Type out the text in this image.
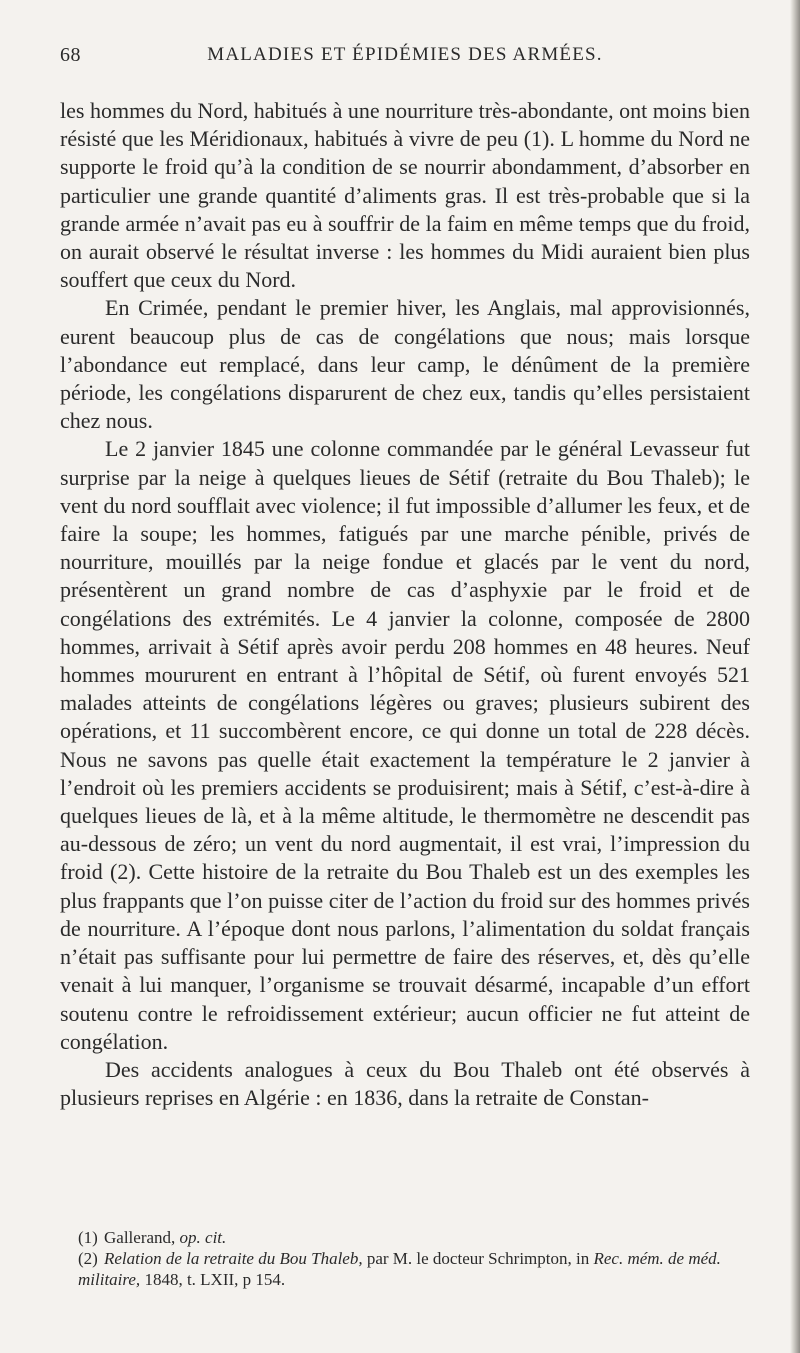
68	MALADIES ET ÉPIDÉMIES DES ARMÉES.

les hommes du Nord, habitués à une nourriture très-abondante, ont moins bien résisté que les Méridionaux, habitués à vivre de peu (1). L homme du Nord ne supporte le froid qu’à la condition de se nourrir abondamment, d’absorber en particulier une grande quantité d’aliments gras. Il est très-probable que si la grande armée n’avait pas eu à souffrir de la faim en même temps que du froid, on aurait observé le résultat inverse : les hommes du Midi auraient bien plus souffert que ceux du Nord.

En Crimée, pendant le premier hiver, les Anglais, mal approvisionnés, eurent beaucoup plus de cas de congélations que nous; mais lorsque l’abondance eut remplacé, dans leur camp, le dénûment de la première période, les congélations disparurent de chez eux, tandis qu’elles persistaient chez nous.

Le 2 janvier 1845 une colonne commandée par le général Levasseur fut surprise par la neige à quelques lieues de Sétif (retraite du Bou Thaleb); le vent du nord soufflait avec violence; il fut impossible d’allumer les feux, et de faire la soupe; les hommes, fatigués par une marche pénible, privés de nourriture, mouillés par la neige fondue et glacés par le vent du nord, présentèrent un grand nombre de cas d’asphyxie par le froid et de congélations des extrémités. Le 4 janvier la colonne, composée de 2800 hommes, arrivait à Sétif après avoir perdu 208 hommes en 48 heures. Neuf hommes moururent en entrant à l’hôpital de Sétif, où furent envoyés 521 malades atteints de congélations légères ou graves; plusieurs subirent des opérations, et 11 succombèrent encore, ce qui donne un total de 228 décès. Nous ne savons pas quelle était exactement la température le 2 janvier à l’endroit où les premiers accidents se produisirent; mais à Sétif, c’est-à-dire à quelques lieues de là, et à la même altitude, le thermomètre ne descendit pas au-dessous de zéro; un vent du nord augmentait, il est vrai, l’impression du froid (2). Cette histoire de la retraite du Bou Thaleb est un des exemples les plus frappants que l’on puisse citer de l’action du froid sur des hommes privés de nourriture. A l’époque dont nous parlons, l’alimentation du soldat français n’était pas suffisante pour lui permettre de faire des réserves, et, dès qu’elle venait à lui manquer, l’organisme se trouvait désarmé, incapable d’un effort soutenu contre le refroidissement extérieur; aucun officier ne fut atteint de congélation.

Des accidents analogues à ceux du Bou Thaleb ont été observés à plusieurs reprises en Algérie : en 1836, dans la retraite de Constan-

(1) Gallerand, op. cit.

(2) Relation de la retraite du Bou Thaleb, par M. le docteur Schrimpton, in Rec. mém. de méd. militaire, 1848, t. LXII, p 154.
